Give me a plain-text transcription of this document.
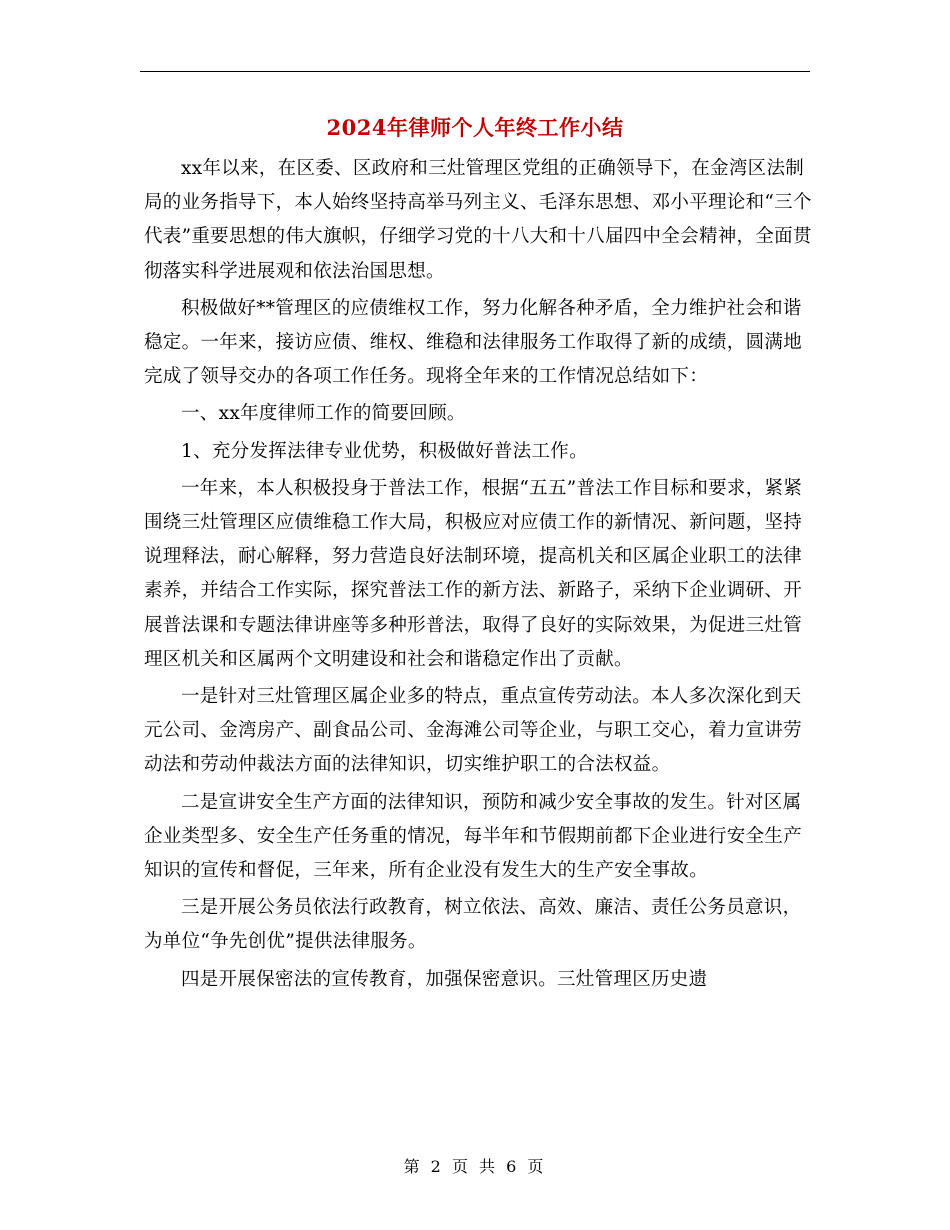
2024年律师个人年终工作小结

xx年以来，在区委、区政府和三灶管理区党组的正确领导下，在金湾区法制局的业务指导下，本人始终坚持高举马列主义、毛泽东思想、邓小平理论和“三个代表”重要思想的伟大旗帜，仔细学习党的十八大和十八届四中全会精神，全面贯彻落实科学进展观和依法治国思想。

积极做好**管理区的应债维权工作，努力化解各种矛盾，全力维护社会和谐稳定。一年来，接访应债、维权、维稳和法律服务工作取得了新的成绩，圆满地完成了领导交办的各项工作任务。现将全年来的工作情况总结如下：

一、xx年度律师工作的简要回顾。

1、充分发挥法律专业优势，积极做好普法工作。

一年来，本人积极投身于普法工作，根据“五五”普法工作目标和要求，紧紧围绕三灶管理区应债维稳工作大局，积极应对应债工作的新情况、新问题，坚持说理释法，耐心解释，努力营造良好法制环境，提高机关和区属企业职工的法律素养，并结合工作实际，探究普法工作的新方法、新路子，采纳下企业调研、开展普法课和专题法律讲座等多种形普法，取得了良好的实际效果，为促进三灶管理区机关和区属两个文明建设和社会和谐稳定作出了贡献。

一是针对三灶管理区属企业多的特点，重点宣传劳动法。本人多次深化到天元公司、金湾房产、副食品公司、金海滩公司等企业，与职工交心，着力宣讲劳动法和劳动仲裁法方面的法律知识，切实维护职工的合法权益。

二是宣讲安全生产方面的法律知识，预防和减少安全事故的发生。针对区属企业类型多、安全生产任务重的情况，每半年和节假期前都下企业进行安全生产知识的宣传和督促，三年来，所有企业没有发生大的生产安全事故。

三是开展公务员依法行政教育，树立依法、高效、廉洁、责任公务员意识，为单位“争先创优”提供法律服务。

四是开展保密法的宣传教育，加强保密意识。三灶管理区历史遗

第 2 页 共 6 页
